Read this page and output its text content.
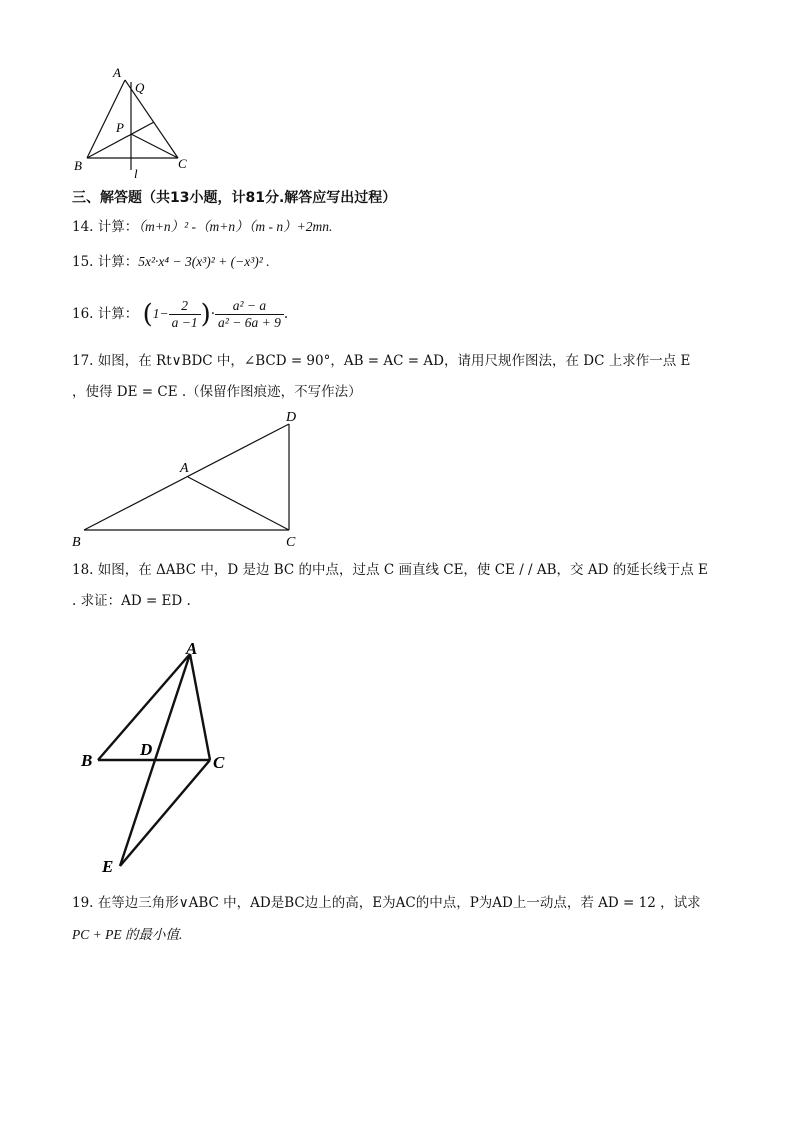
A
Q
P
B	C
l
三、解答题（共13小题，计81分.解答应写出过程）
14. 计算：（m+n）² -（m+n）（m - n）+2mn.
15. 计算：5x²·x⁴ − 3(x³)² + (−x³)² .
16. 计算： ($1- \frac{2}{a -1}$ )· $\frac{\text{a² − a}}{\text{a² − 6a + 9}}$ .
17. 如图，在 Rt∨BDC 中，∠BCD = 90°，AB = AC = AD，请用尺规作图法，在 DC 上求作一点 E
，使得 DE = CE .（保留作图痕迹，不写作法）
D
A
B	C
18. 如图，在 ΔABC 中，D 是边 BC 的中点，过点 C 画直线 CE，使 CE / / AB，交 AD 的延长线于点 E
. 求证：AD = ED .
A
B
D
C
E
19. 在等边三角形∨ABC 中，AD是BC边上的高，E为AC的中点，P为AD上一动点，若 AD = 12 ，试求
PC + PE 的最小值.
